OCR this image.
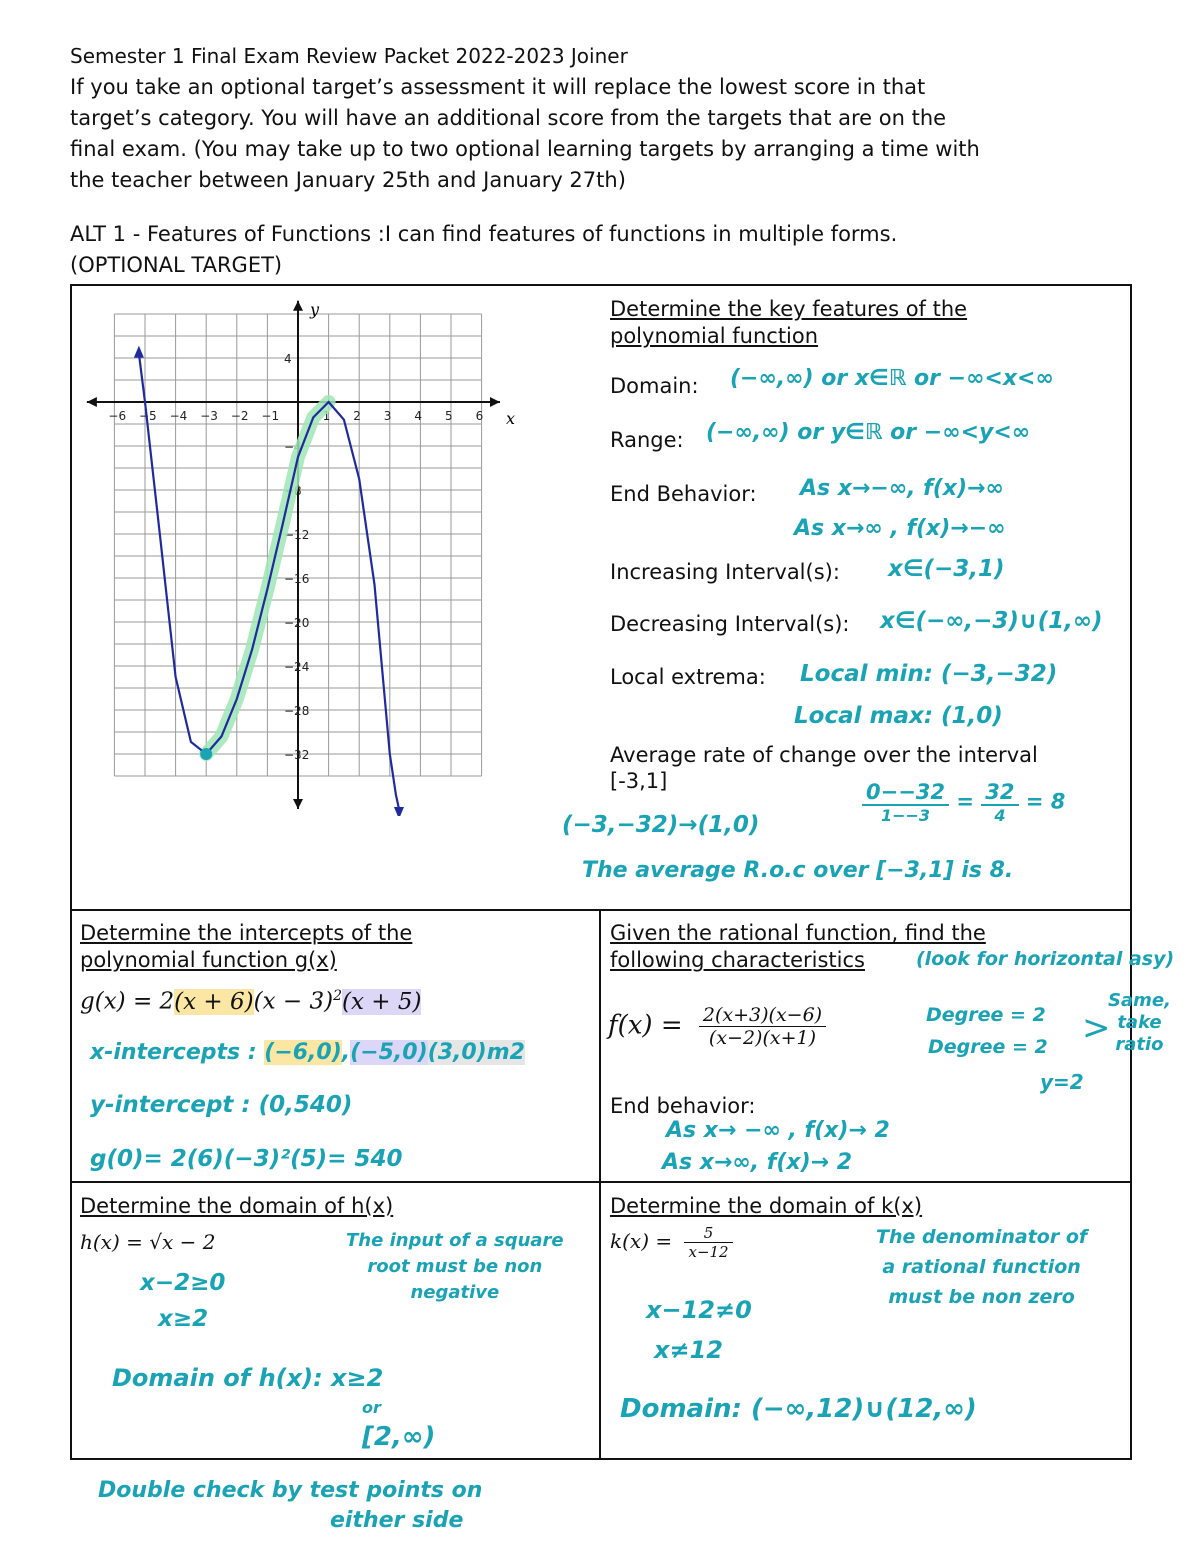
Semester 1 Final Exam Review Packet 2022-2023 Joiner
If you take an optional target’s assessment it will replace the lowest score in that
target’s category. You will have an additional score from the targets that are on the
final exam. (You may take up to two optional learning targets by arranging a time with
the teacher between January 25th and January 27th)
ALT 1 - Features of Functions :I can find features of functions in multiple forms.
(OPTIONAL TARGET)
−6 −5 −4 −3 −2 −1	1 2 3 4 5 6
4
−4
−8
−12
−16
−20
−24
−28
−32
x
y	Determine the key features of the
polynomial function
Domain: (−∞,∞) or x∈ℝ or −∞<x<∞
Range: (−∞,∞) or y∈ℝ or −∞<y<∞
End Behavior: As x→−∞, f(x)→∞
As x→∞ , f(x)→−∞
Increasing Interval(s): x∈(−3,1)
Decreasing Interval(s): x∈(−∞,−3)∪(1,∞)
Local extrema: Local min: (−3,−32)
Local max: (1,0)
Average rate of change over the interval
[-3,1]	$\frac{0--32}{1--3} = \frac{32}{4} = 8$
(−3,−32)→(1,0)
The average R.o.c over [−3,1] is 8.
Determine the intercepts of the
polynomial function g(x)
$g(x) = 2(x + 6)(x - 3)^2(x + 5)$
x-intercepts : (−6,0),(−5,0)(3,0)m2
y-intercept : (0,540)
g(0)= 2(6)(−3)²(5)= 540
Given the rational function, find the
following characteristics	(look for horizontal asy)
$f(x) = \frac{2(x+3)(x-6)}{(x-2)(x+1)}$	Degree = 2
Degree = 2 >
Same,
take
ratio
y=2
End behavior:
As x→ −∞ , f(x)→ 2
As x→∞, f(x)→ 2
Determine the domain of h(x)
h(x) = √x − 2	The input of a square
root must be non
negative
x−2≥0
x≥2
Domain of h(x): x≥2
or
[2,∞)
Determine the domain of k(x)
$k(x) = \frac{5}{x-12}$	The denominator of
a rational function
must be non zero
x−12≠0
x≠12
Domain: (−∞,12)∪(12,∞)
Double check by test points on
either side
